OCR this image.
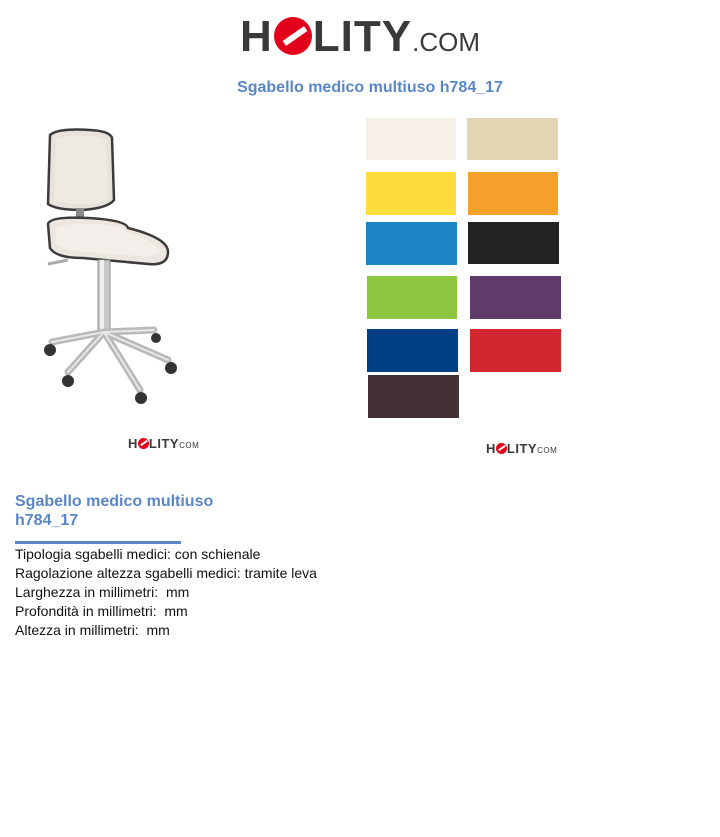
H LITY.COM
Sgabello medico multiuso h784_17
H LITYCOM	H LITYCOM
Sgabello medico multiuso
h784_17
Tipologia sgabelli medici: con schienale
Ragolazione altezza sgabelli medici: tramite leva
Larghezza in millimetri:  mm
Profondità in millimetri:  mm
Altezza in millimetri:  mm
